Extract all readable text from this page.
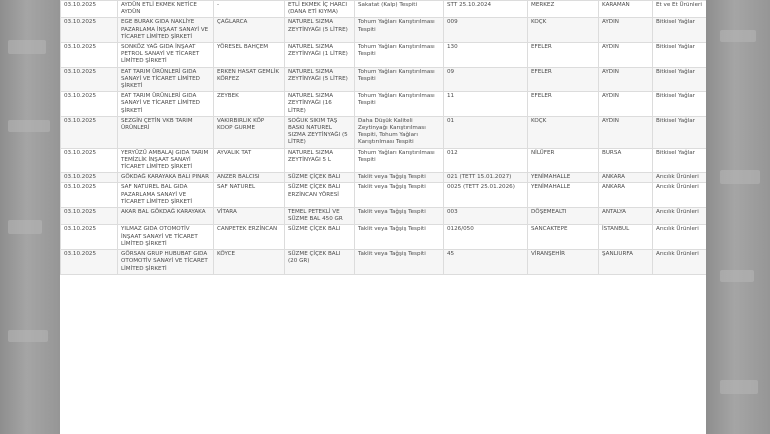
03.10.2025	AYDÜN ETLİ EKMEK NETİCE AYDÜN	-	ETLİ EKMEK İÇ HARCI (DANA ETİ KIYMA)	Sakatat (Kalp) Tespiti	STT 25.10.2024	MERKEZ	KARAMAN	Et ve Et Ürünleri
03.10.2025	EGE BURAK GIDA NAKLİYE PAZARLAMA İNŞAAT SANAYİ VE TİCARET LİMİTED ŞİRKETİ	ÇAĞLARCA	NATUREL SIZMA ZEYTİNYAĞI (5 LİTRE)	Tohum Yağları Karıştırılması Tespiti	009	KOÇK	AYDIN	Bitkisel Yağlar
03.10.2025	SONKÖZ YAĞ GIDA İNŞAAT PETROL SANAYİ VE TİCARET LİMİTED ŞİRKETİ	YÖRESEL BAHÇEM	NATUREL SIZMA ZEYTİNYAĞI (1 LİTRE)	Tohum Yağları Karıştırılması Tespiti	130	EFELER	AYDIN	Bitkisel Yağlar
03.10.2025	EAT TARIM ÜRÜNLERİ GIDA SANAYİ VE TİCARET LİMİTED ŞİRKETİ	ERKEN HASAT GEMLİK KÖRFEZ	NATUREL SIZMA ZEYTİNYAĞI (5 LİTRE)	Tohum Yağları Karıştırılması Tespiti	09	EFELER	AYDIN	Bitkisel Yağlar
03.10.2025	EAT TARIM ÜRÜNLERİ GIDA SANAYİ VE TİCARET LİMİTED ŞİRKETİ	ZEYBEK	NATUREL SIZMA ZEYTİNYAĞI (16 LİTRE)	Tohum Yağları Karıştırılması Tespiti	11	EFELER	AYDIN	Bitkisel Yağlar
03.10.2025	SEZGİN ÇETİN VKB TARIM ÜRÜNLERİ	VAKIRBIRLIK KÖP KOOP GURME	SOĞUK SIKIM TAŞ BASKI NATUREL SIZMA ZEYTİNYAĞI (5 LİTRE)	Daha Düşük Kaliteli Zeytinyağı Karıştırılması Tespiti, Tohum Yağları Karıştırılması Tespiti	01	KOÇK	AYDIN	Bitkisel Yağlar
03.10.2025	YERYÜZÜ AMBALAJ GIDA TARIM TEMİZLİK İNŞAAT SANAYİ TİCARET LİMİTED ŞİRKETİ	AYVALIK TAT	NATUREL SIZMA ZEYTİNYAĞI 5 L	Tohum Yağları Karıştırılması Tespiti	012	NİLÜFER	BURSA	Bitkisel Yağlar
03.10.2025	GÖKDAĞ KARAYAKA BALI PINAR	ANZER BALCISI	SÜZME ÇİÇEK BALI	Taklit veya Tağşiş Tespiti	021 (TETT 15.01.2027)	YENİMAHALLE	ANKARA	Arıcılık Ürünleri
03.10.2025	SAF NATUREL BAL GIDA PAZARLAMA SANAYİ VE TİCARET LİMİTED ŞİRKETİ	SAF NATUREL	SÜZME ÇİÇEK BALI ERZİNCAN YÖRESİ	Taklit veya Tağşiş Tespiti	0025 (TETT 25.01.2026)	YENİMAHALLE	ANKARA	Arıcılık Ürünleri
03.10.2025	AKAR BAL GÖKDAĞ KARAYAKA	VİTARA	TEMEL PETEKLİ VE SÜZME BAL 450 GR	Taklit veya Tağşiş Tespiti	003	DÖŞEMEALTI	ANTALYA	Arıcılık Ürünleri
03.10.2025	YILMAZ GIDA OTOMOTİV İNŞAAT SANAYİ VE TİCARET LİMİTED ŞİRKETİ	CANPETEK ERZİNCAN	SÜZME ÇİÇEK BALI	Taklit veya Tağşiş Tespiti	0126/050	SANCAKTEPE	İSTANBUL	Arıcılık Ürünleri
03.10.2025	GÖRSAN GRUP HUBUBAT GIDA OTOMOTİV SANAYİ VE TİCARET LİMİTED ŞİRKETİ	KÖYCE	SÜZME ÇİÇEK BALI (20 GR)	Taklit veya Tağşiş Tespiti	45	VİRANŞEHİR	ŞANLIURFA	Arıcılık Ürünleri
